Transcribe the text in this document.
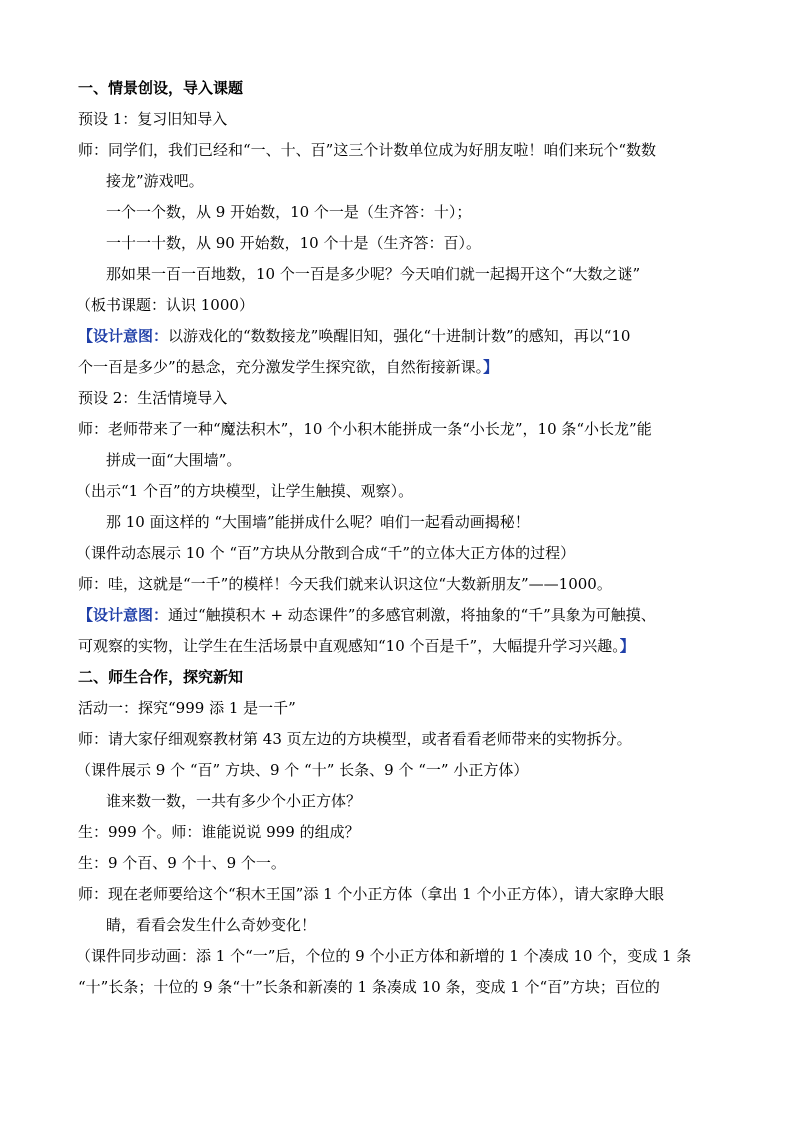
一、情景创设，导入课题
预设 1：复习旧知导入
师：同学们，我们已经和“一、十、百”这三个计数单位成为好朋友啦！咱们来玩个“数数
接龙”游戏吧。
一个一个数，从 9 开始数，10 个一是（生齐答：十）；
一十一十数，从 90 开始数，10 个十是（生齐答：百）。
那如果一百一百地数，10 个一百是多少呢？今天咱们就一起揭开这个“大数之谜”
（板书课题：认识 1000）
【设计意图：以游戏化的“数数接龙”唤醒旧知，强化“十进制计数”的感知，再以“10
个一百是多少”的悬念，充分激发学生探究欲，自然衔接新课。】
预设 2：生活情境导入
师：老师带来了一种“魔法积木”，10 个小积木能拼成一条“小长龙”，10 条“小长龙”能
拼成一面“大围墙”。
（出示“1 个百”的方块模型，让学生触摸、观察）。
那 10 面这样的 “大围墙”能拼成什么呢？咱们一起看动画揭秘！
（课件动态展示 10 个 “百”方块从分散到合成“千”的立体大正方体的过程）
师：哇，这就是“一千”的模样！今天我们就来认识这位“大数新朋友”——1000。
【设计意图：通过“触摸积木 + 动态课件”的多感官刺激，将抽象的“千”具象为可触摸、
可观察的实物，让学生在生活场景中直观感知“10 个百是千”，大幅提升学习兴趣。】
二、师生合作，探究新知
活动一：探究“999 添 1 是一千”
师：请大家仔细观察教材第 43 页左边的方块模型，或者看看老师带来的实物拆分。
（课件展示 9 个 “百” 方块、9 个 “十” 长条、9 个 “一” 小正方体）
谁来数一数，一共有多少个小正方体？
生：999 个。师：谁能说说 999 的组成？
生：9 个百、9 个十、9 个一。
师：现在老师要给这个“积木王国”添 1 个小正方体（拿出 1 个小正方体），请大家睁大眼
睛，看看会发生什么奇妙变化！
（课件同步动画：添 1 个“一”后，个位的 9 个小正方体和新增的 1 个凑成 10 个，变成 1 条
“十”长条；十位的 9 条“十”长条和新凑的 1 条凑成 10 条，变成 1 个“百”方块；百位的
